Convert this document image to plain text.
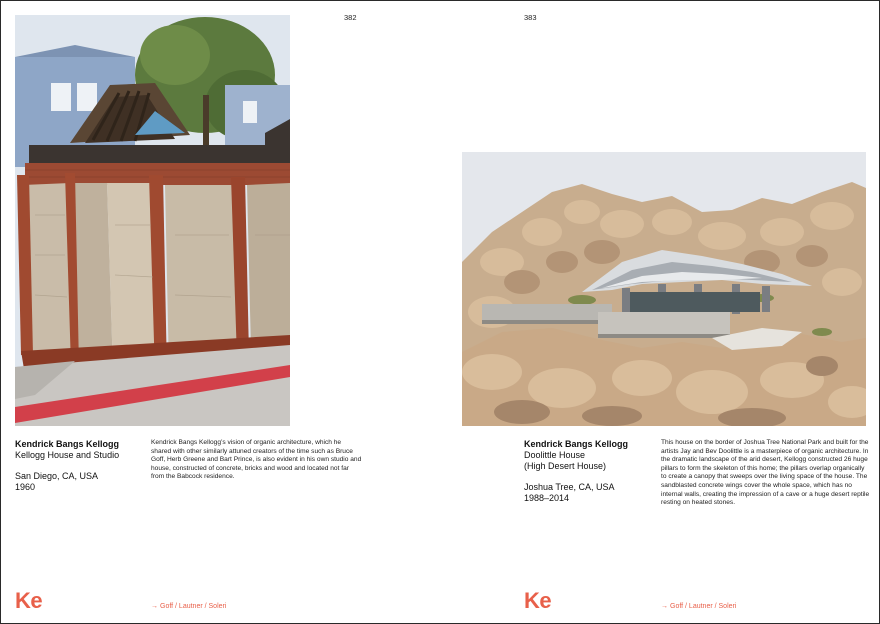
382
Kendrick Bangs Kellogg
Kellogg House and Studio
San Diego, CA, USA
1960
Kendrick Bangs Kellogg’s vision of organic architecture, which he shared with other similarly attuned creators of the time such as Bruce Goff, Herb Greene and Bart Prince, is also evident in his own studio and house, constructed of concrete, bricks and wood and located not far from the Babcock residence.
Ke	→ Goff / Lautner / Soleri
383
Kendrick Bangs Kellogg
Doolittle House
(High Desert House)
Joshua Tree, CA, USA
1988–2014
This house on the border of Joshua Tree National Park and built for the artists Jay and Bev Doolittle is a masterpiece of organic architecture. In the dramatic landscape of the arid desert, Kellogg constructed 26 huge pillars to form the skeleton of this home; the pillars overlap organically to create a canopy that sweeps over the living space of the house. The sandblasted concrete wings cover the whole space, which has no internal walls, creating the impression of a cave or a huge desert reptile resting on heated stones.
Ke	→ Goff / Lautner / Soleri
